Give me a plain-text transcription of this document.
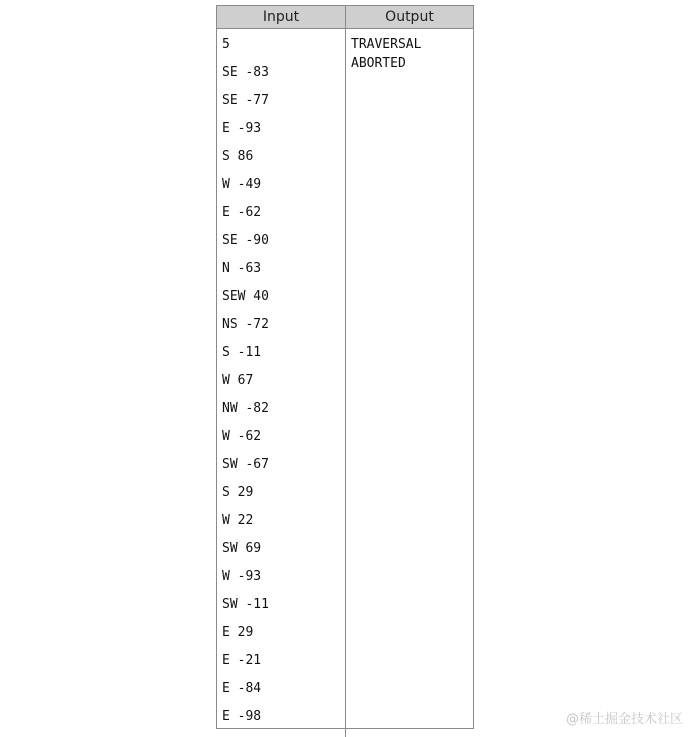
Input	Output
5
SE -83
SE -77
E -93
S 86
W -49
E -62
SE -90
N -63
SEW 40
NS -72
S -11
W 67
NW -82
W -62
SW -67
S 29
W 22
SW 69
W -93
SW -11
E 29
E -21
E -84
E -98
TRAVERSAL
ABORTED
@稀土掘金技术社区
